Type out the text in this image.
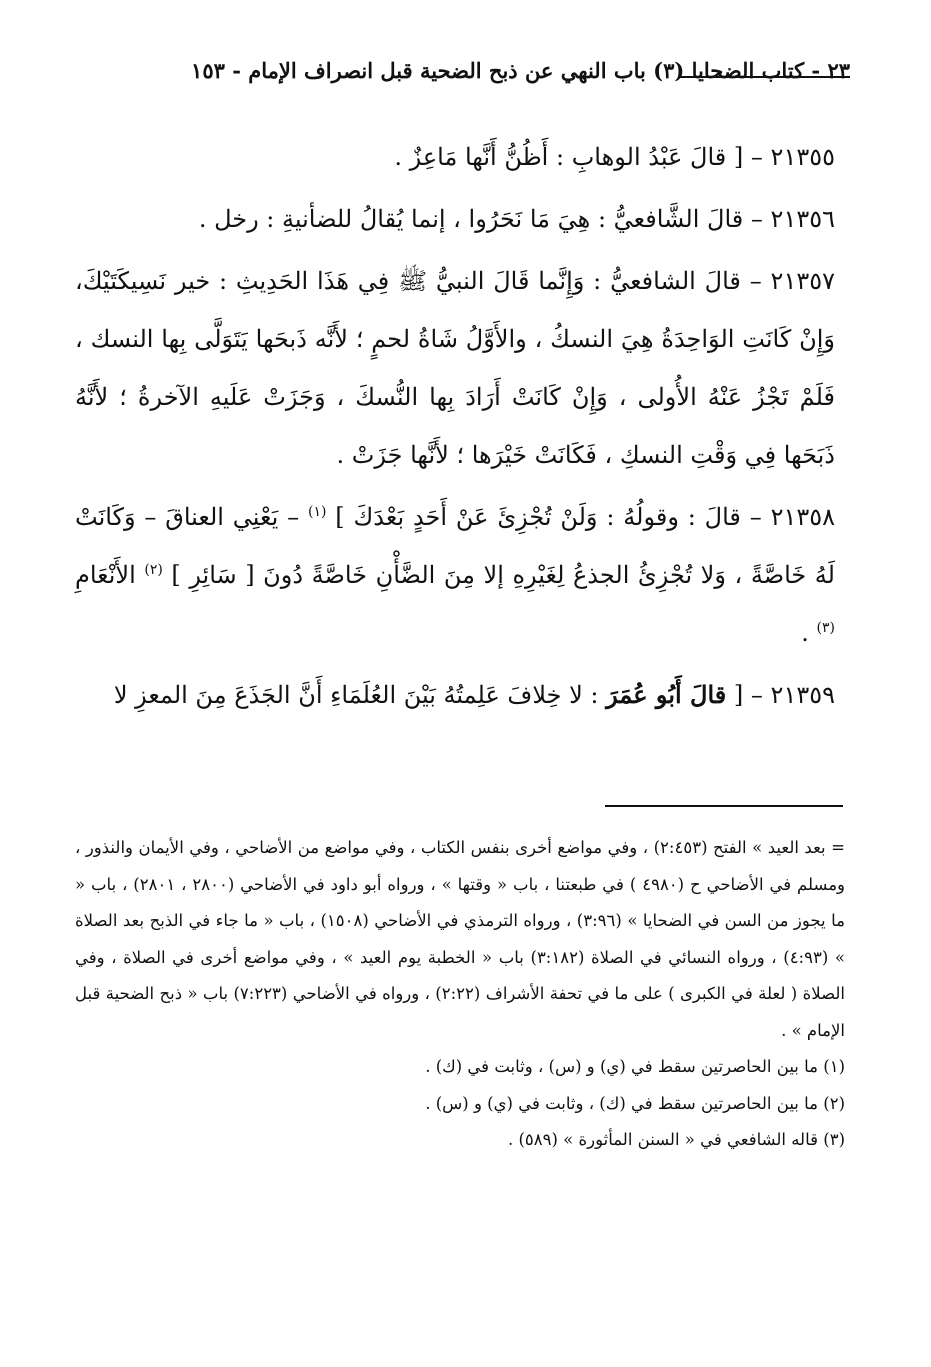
٢٣ - كتاب الضحايا (٣) باب النهي عن ذبح الضحية قبل انصراف الإمام - ١٥٣

٢١٣٥٥ – [ قالَ عَبْدُ الوهابِ : أَظُنُّ أَنَّها مَاعِزٌ .

٢١٣٥٦ – قالَ الشَّافعيُّ : هِيَ مَا نَحَرُوا ، إنما يُقالُ للضأنيةِ : رخل .

٢١٣٥٧ – قالَ الشافعيُّ : وَإِنَّما قَالَ النبيُّ ﷺ فِي هَذَا الحَدِيثِ : خير نَسِيكَتَيْكَ، وَإِنْ كَانَتِ الوَاحِدَةُ هِيَ النسكُ ، والأَوَّلُ شَاةُ لحمٍ ؛ لأَنَّه ذَبحَها يَتَوَلَّى بِها النسك ، فَلَمْ تَجْزُ عَنْهُ الأُولى ، وَإِنْ كَانَتْ أَرَادَ بِها النُّسكَ ، وَجَزَتْ عَلَيهِ الآخرةُ ؛ لأَنَّهُ ذَبَحَها فِي وَقْتِ النسكِ ، فَكَانَتْ خَيْرَها ؛ لأَنَّها جَزَتْ .

٢١٣٥٨ – قالَ : وقولُهُ : وَلَنْ تُجْزِئَ عَنْ أَحَدٍ بَعْدَكَ ] $^{(١)}$ – يَعْنِي العناقَ – وَكَانَتْ لَهُ خَاصَّةً ، وَلا تُجْزِئُ الجذعُ لِغَيْرِهِ إلا مِنَ الضَّأْنِ خَاصَّةً دُونَ [ سَائِرِ ] $^{(٢)}$ الأَنْعَامِ $^{(٣)}$ .

٢١٣٥٩ – [ قالَ أَبُو عُمَرَ : لا خِلافَ عَلِمتُهُ بَيْنَ العُلَمَاءِ أَنَّ الجَذَعَ مِنَ المعزِ لا

= بعد العيد » الفتح (٢:٤٥٣) ، وفي مواضع أخرى بنفس الكتاب ، وفي مواضع من الأضاحي ، وفي الأيمان والنذور ، ومسلم في الأضاحي ح (٤٩٨٠ ) في طبعتنا ، باب « وقتها » ، ورواه أبو داود في الأضاحي (٢٨٠٠ ، ٢٨٠١) ، باب « ما يجوز من السن في الضحايا » (٣:٩٦) ، ورواه الترمذي في الأضاحي (١٥٠٨) ، باب « ما جاء في الذبح بعد الصلاة » (٤:٩٣) ، ورواه النسائي في الصلاة (٣:١٨٢) باب « الخطبة يوم العيد » ، وفي مواضع أخرى في الصلاة ، وفي الصلاة ( لعلة في الكبرى ) على ما في تحفة الأشراف (٢:٢٢) ، ورواه في الأضاحي (٧:٢٢٣) باب « ذبح الضحية قبل الإمام » .

(١) ما بين الحاصرتين سقط في (ي) و (س) ، وثابت في (ك) .

(٢) ما بين الحاصرتين سقط في (ك) ، وثابت في (ي) و (س) .

(٣) قاله الشافعي في « السنن المأثورة » (٥٨٩) .
